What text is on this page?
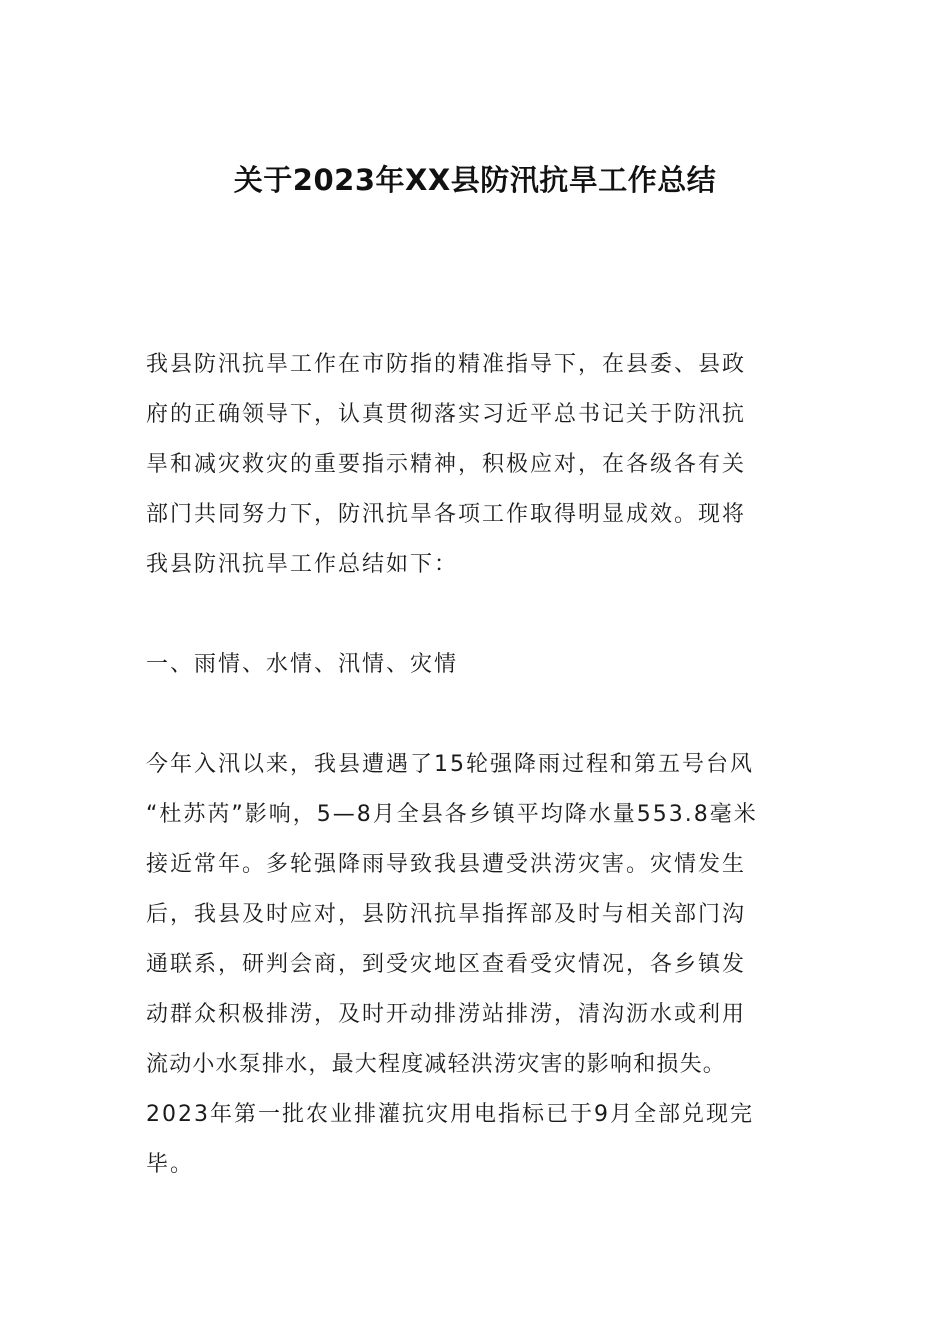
关于2023年XX县防汛抗旱工作总结
我县防汛抗旱工作在市防指的精准指导下，在县委、县政
府的正确领导下，认真贯彻落实习近平总书记关于防汛抗
旱和减灾救灾的重要指示精神，积极应对，在各级各有关
部门共同努力下，防汛抗旱各项工作取得明显成效。现将
我县防汛抗旱工作总结如下：
一、雨情、水情、汛情、灾情
今年入汛以来，我县遭遇了15轮强降雨过程和第五号台风
“杜苏芮”影响，5—8月全县各乡镇平均降水量553.8毫米
接近常年。多轮强降雨导致我县遭受洪涝灾害。灾情发生
后，我县及时应对，县防汛抗旱指挥部及时与相关部门沟
通联系，研判会商，到受灾地区查看受灾情况，各乡镇发
动群众积极排涝，及时开动排涝站排涝，清沟沥水或利用
流动小水泵排水，最大程度减轻洪涝灾害的影响和损失。
2023年第一批农业排灌抗灾用电指标已于9月全部兑现完
毕。
